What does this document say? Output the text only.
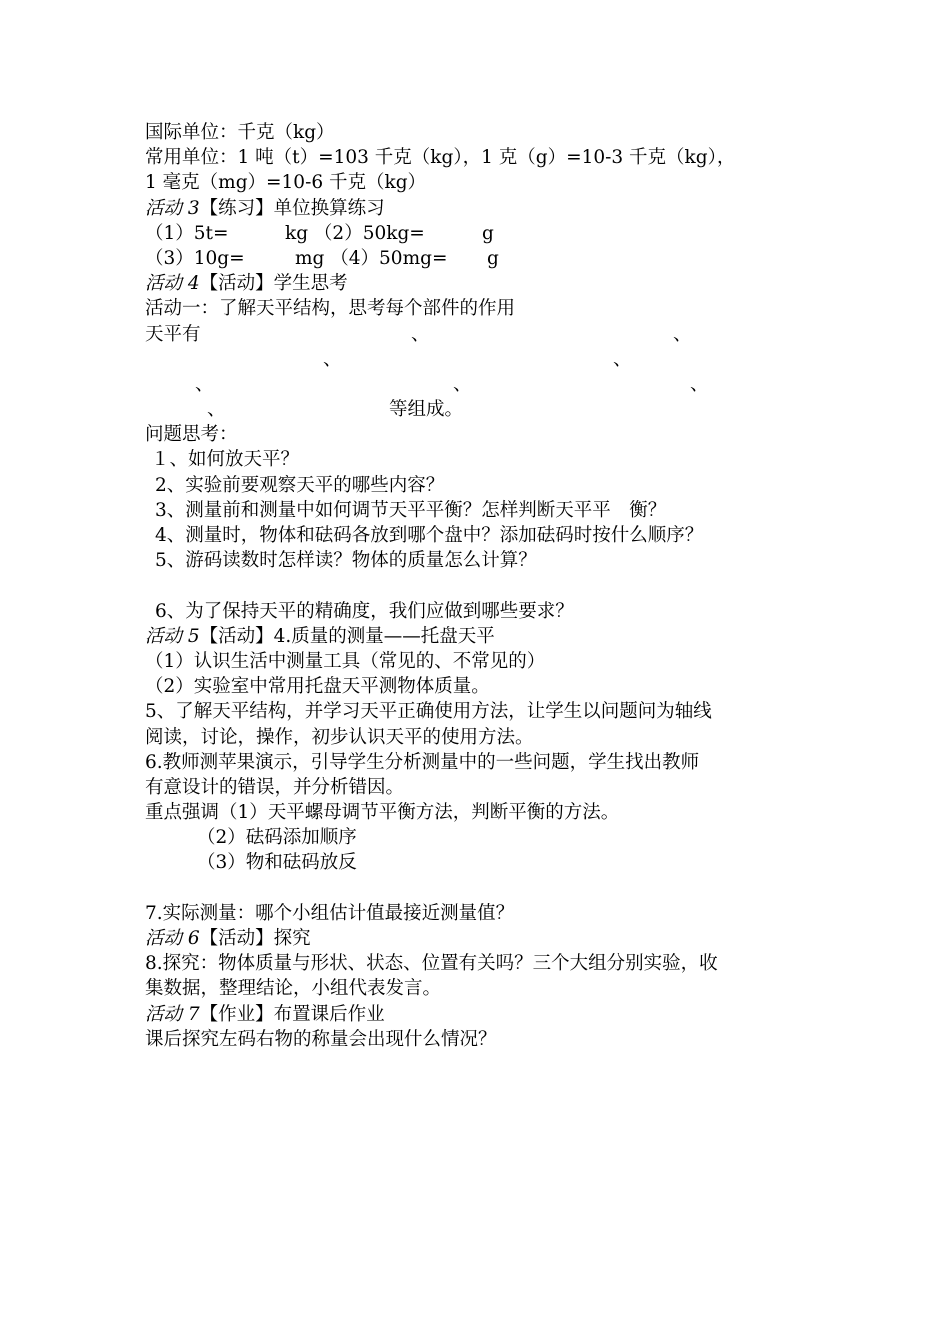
国际单位：千克（kg）
常用单位：1 吨（t）=103 千克（kg），1 克（g）=10-3 千克（kg），
1 毫克（mg）=10-6 千克（kg）
活动 3【练习】单位换算练习
（1）5t=	kg （2）50kg=	g
（3）10g=	mg （4）50mg= g
活动 4【活动】学生思考
活动一：了解天平结构，思考每个部件的作用
天平有	、	、
、	、
、	、	、
、	等组成。
问题思考：
１、如何放天平？
2、实验前要观察天平的哪些内容？
3、测量前和测量中如何调节天平平衡？怎样判断天平平　衡？
4、测量时，物体和砝码各放到哪个盘中？添加砝码时按什么顺序？
5、游码读数时怎样读？物体的质量怎么计算？
6、为了保持天平的精确度，我们应做到哪些要求？
活动 5【活动】4.质量的测量——托盘天平
（1）认识生活中测量工具（常见的、不常见的）
（2）实验室中常用托盘天平测物体质量。
5、了解天平结构，并学习天平正确使用方法，让学生以问题问为轴线
阅读，讨论，操作，初步认识天平的使用方法。
6.教师测苹果演示，引导学生分析测量中的一些问题，学生找出教师
有意设计的错误，并分析错因。
重点强调（1）天平螺母调节平衡方法，判断平衡的方法。
（2）砝码添加顺序
（3）物和砝码放反
7.实际测量：哪个小组估计值最接近测量值？
活动 6【活动】探究
8.探究：物体质量与形状、状态、位置有关吗？三个大组分别实验，收
集数据，整理结论，小组代表发言。
活动 7【作业】布置课后作业
课后探究左码右物的称量会出现什么情况？
